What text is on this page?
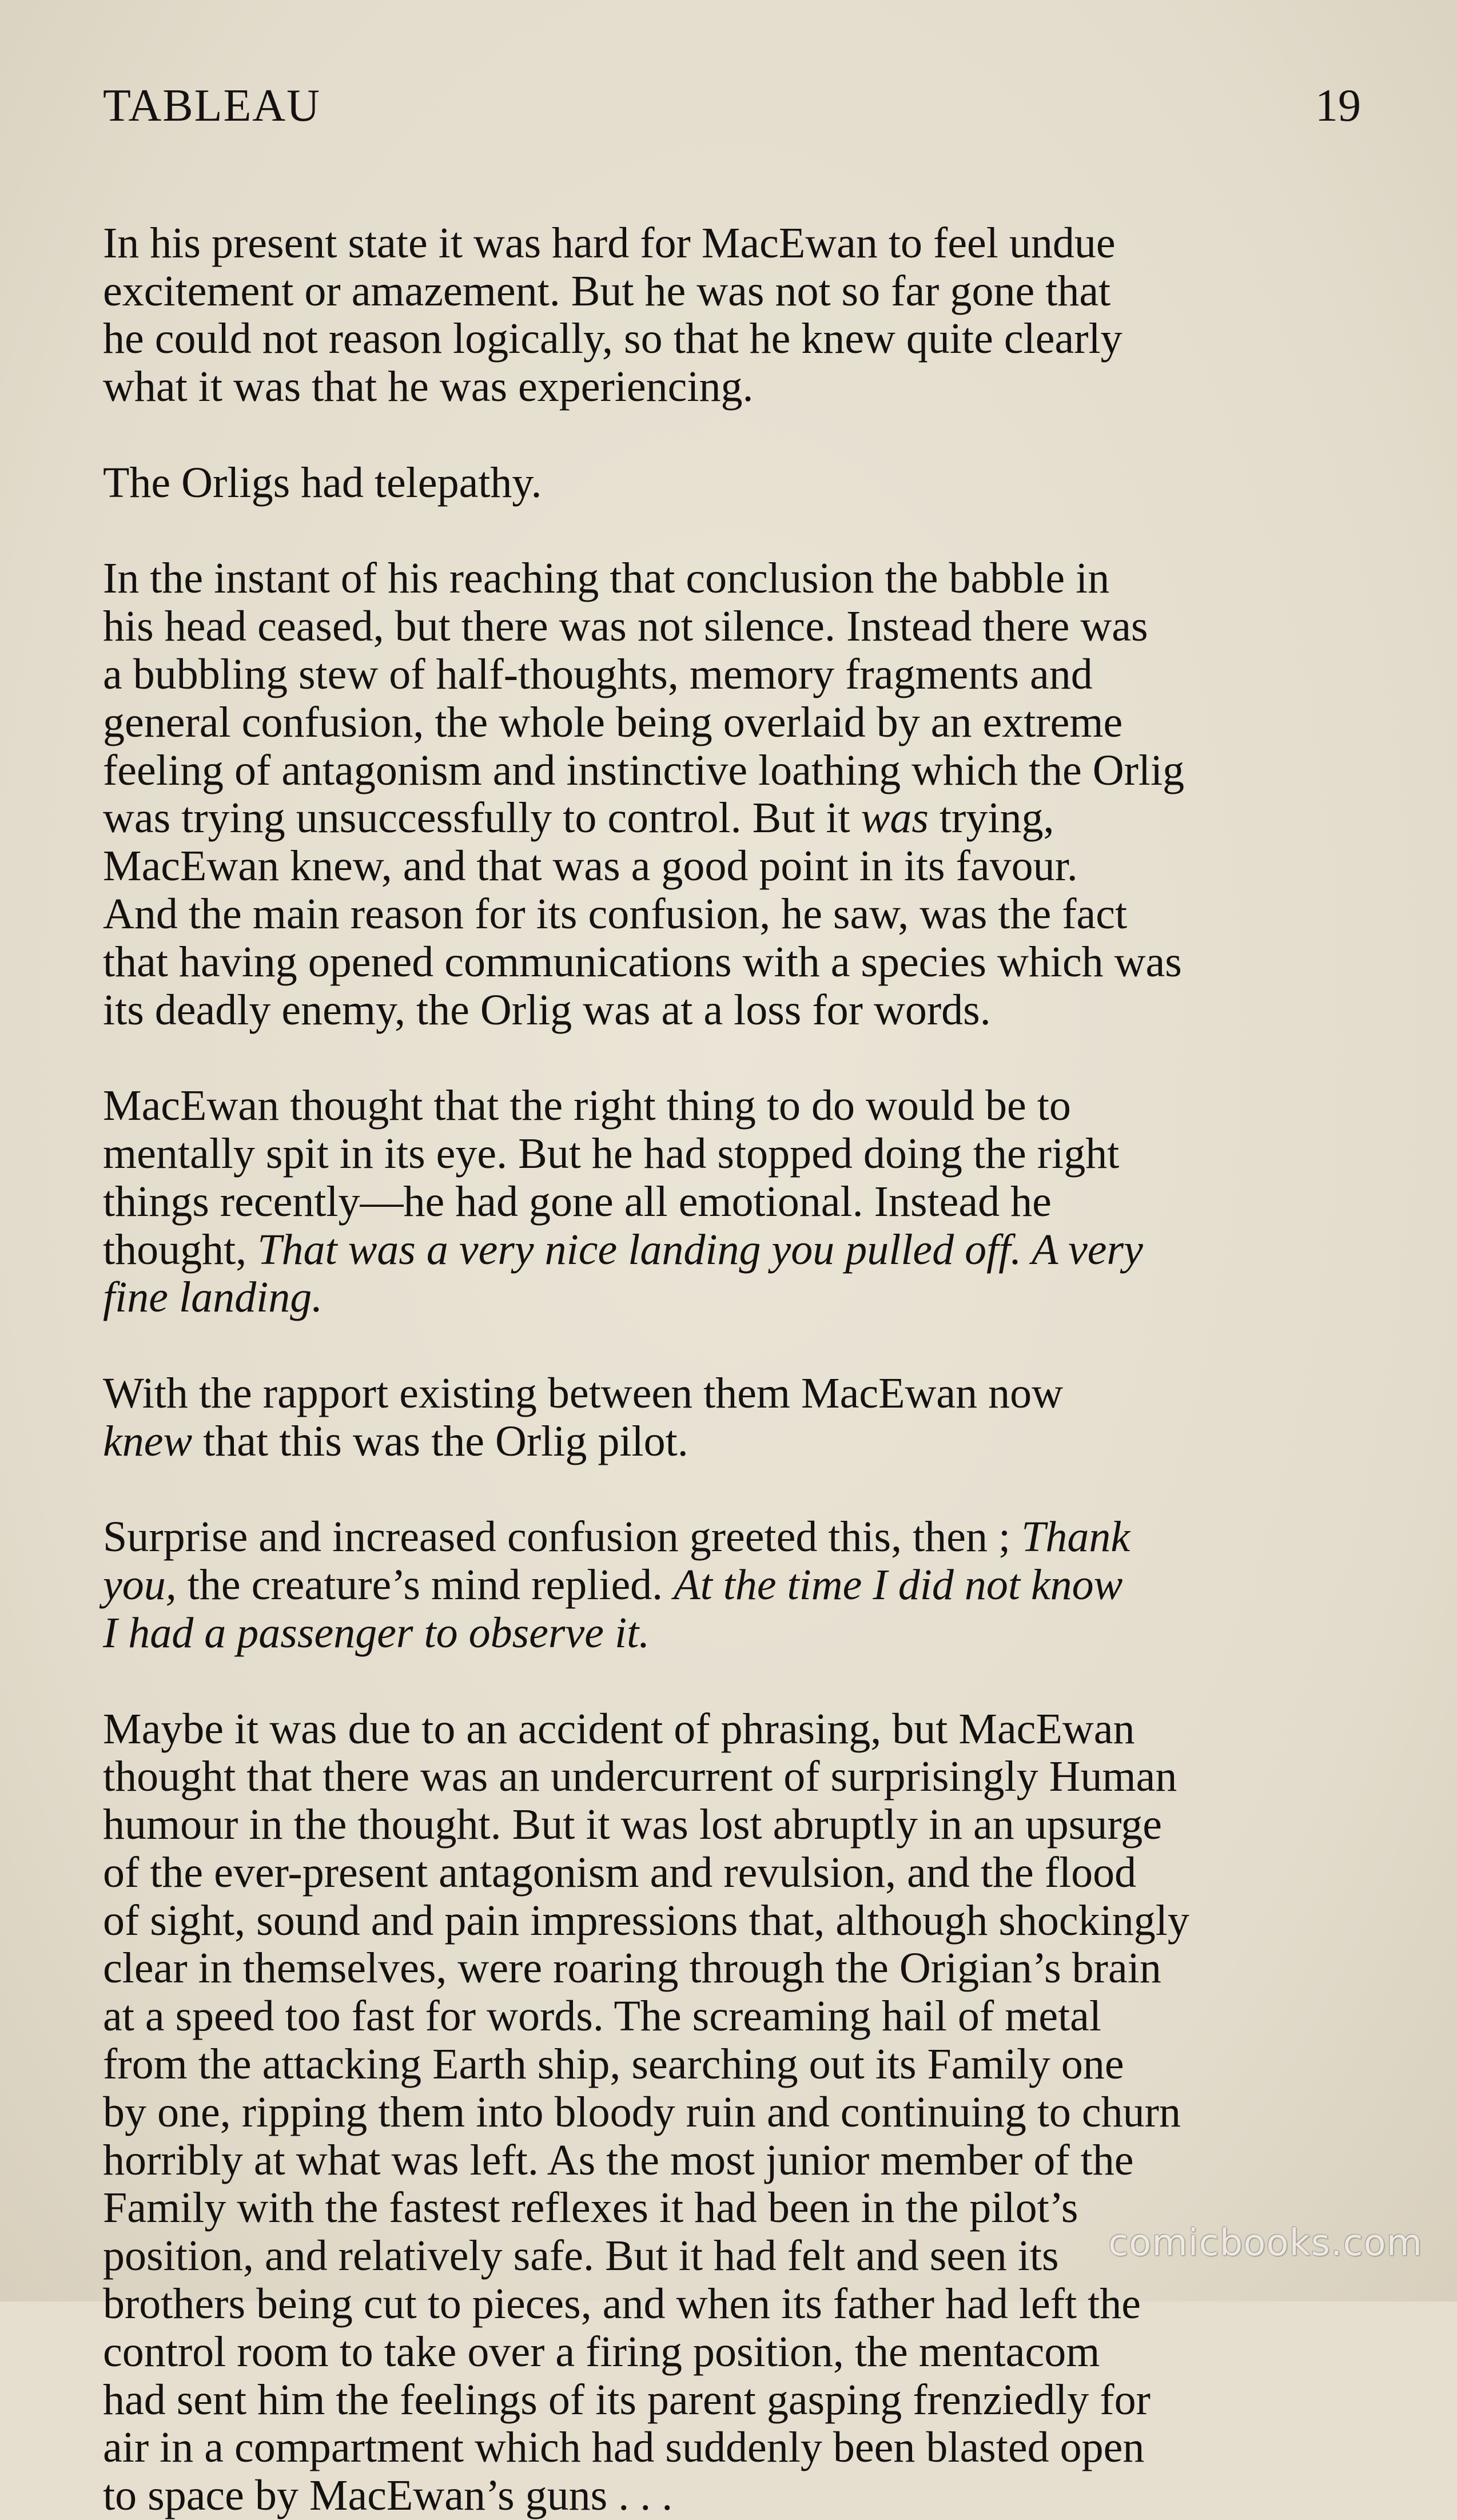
TABLEAU	19

In his present state it was hard for MacEwan to feel undue
excitement or amazement. But he was not so far gone that
he could not reason logically, so that he knew quite clearly
what it was that he was experiencing.

The Orligs had telepathy.

In the instant of his reaching that conclusion the babble in
his head ceased, but there was not silence. Instead there was
a bubbling stew of half-thoughts, memory fragments and
general confusion, the whole being overlaid by an extreme
feeling of antagonism and instinctive loathing which the Orlig
was trying unsuccessfully to control. But it was trying,
MacEwan knew, and that was a good point in its favour.
And the main reason for its confusion, he saw, was the fact
that having opened communications with a species which was
its deadly enemy, the Orlig was at a loss for words.

MacEwan thought that the right thing to do would be to
mentally spit in its eye. But he had stopped doing the right
things recently—he had gone all emotional. Instead he
thought, That was a very nice landing you pulled off. A very
fine landing.

With the rapport existing between them MacEwan now
knew that this was the Orlig pilot.

Surprise and increased confusion greeted this, then ; Thank
you, the creature’s mind replied. At the time I did not know
I had a passenger to observe it.

Maybe it was due to an accident of phrasing, but MacEwan
thought that there was an undercurrent of surprisingly Human
humour in the thought. But it was lost abruptly in an upsurge
of the ever-present antagonism and revulsion, and the flood
of sight, sound and pain impressions that, although shockingly
clear in themselves, were roaring through the Origian’s brain
at a speed too fast for words. The screaming hail of metal
from the attacking Earth ship, searching out its Family one
by one, ripping them into bloody ruin and continuing to churn
horribly at what was left. As the most junior member of the
Family with the fastest reflexes it had been in the pilot’s
position, and relatively safe. But it had felt and seen its
brothers being cut to pieces, and when its father had left the
control room to take over a firing position, the mentacom
had sent him the feelings of its parent gasping frenziedly for
air in a compartment which had suddenly been blasted open
to space by MacEwan’s guns . . .

comicbooks.com
